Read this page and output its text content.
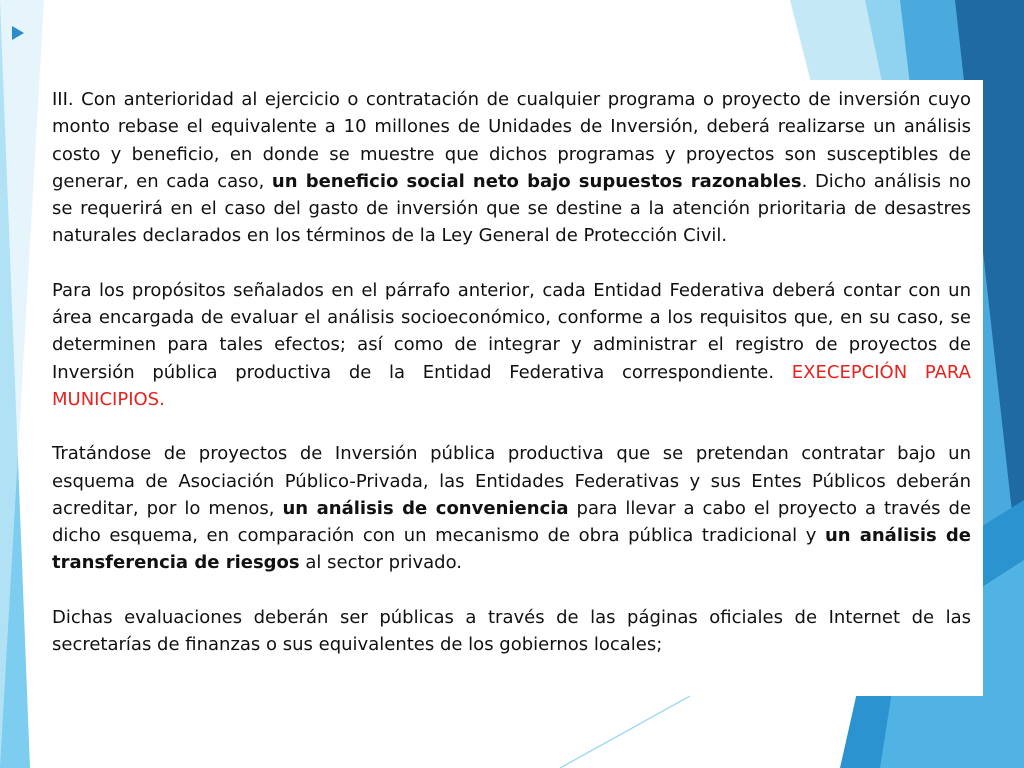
III. Con anterioridad al ejercicio o contratación de cualquier programa o proyecto de inversión cuyo monto rebase el equivalente a 10 millones de Unidades de Inversión, deberá realizarse un análisis costo y beneficio, en donde se muestre que dichos programas y proyectos son susceptibles de generar, en cada caso, un beneficio social neto bajo supuestos razonables. Dicho análisis no se requerirá en el caso del gasto de inversión que se destine a la atención prioritaria de desastres naturales declarados en los términos de la Ley General de Protección Civil.

Para los propósitos señalados en el párrafo anterior, cada Entidad Federativa deberá contar con un área encargada de evaluar el análisis socioeconómico, conforme a los requisitos que, en su caso, se determinen para tales efectos; así como de integrar y administrar el registro de proyectos de Inversión pública productiva de la Entidad Federativa correspondiente. EXECEPCIÓN PARA MUNICIPIOS.

Tratándose de proyectos de Inversión pública productiva que se pretendan contratar bajo un esquema de Asociación Público-Privada, las Entidades Federativas y sus Entes Públicos deberán acreditar, por lo menos, un análisis de conveniencia para llevar a cabo el proyecto a través de dicho esquema, en comparación con un mecanismo de obra pública tradicional y un análisis de transferencia de riesgos al sector privado.

Dichas evaluaciones deberán ser públicas a través de las páginas oficiales de Internet de las secretarías de finanzas o sus equivalentes de los gobiernos locales;
